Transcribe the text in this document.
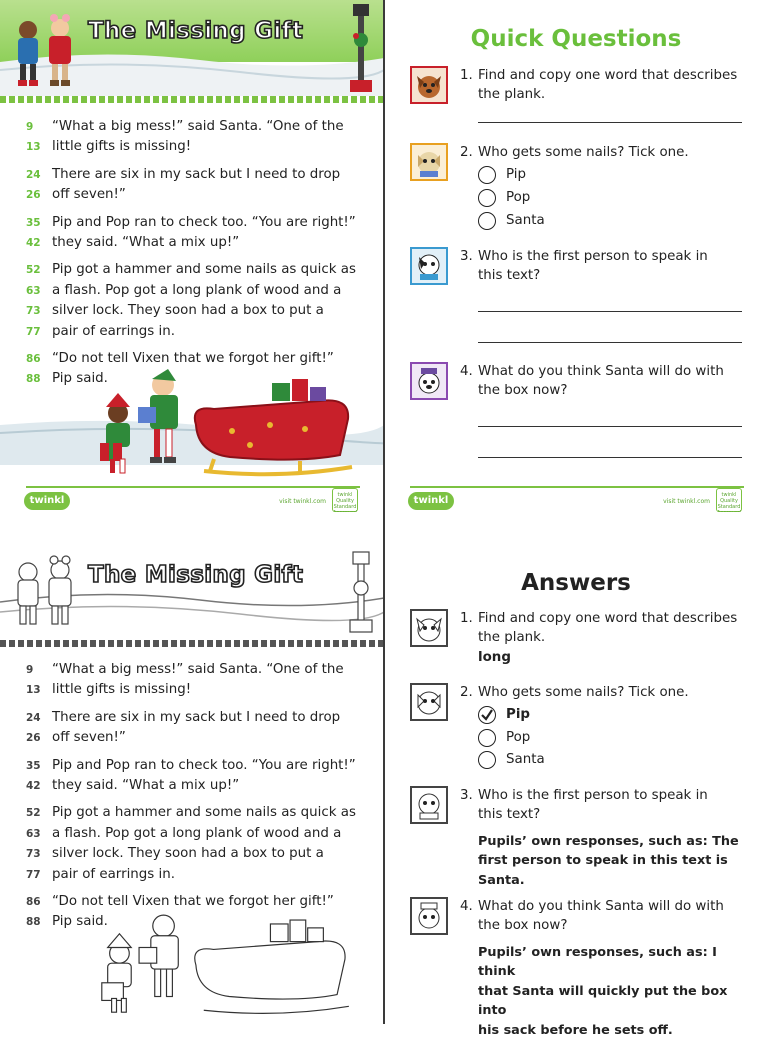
The Missing Gift
9	“What a big mess!” said Santa. “One of the
13 little gifts is missing!
24 There are six in my sack but I need to drop
26 off seven!”
35 Pip and Pop ran to check too. “You are right!”
42 they said. “What a mix up!”
52 Pip got a hammer and some nails as quick as
63 a flash. Pop got a long plank of wood and a
73 silver lock. They soon had a box to put a
77 pair of earrings in.
86 “Do not tell Vixen that we forgot her gift!”
88 Pip said.
twinkl	visit twinkl.com
twinkl Quality Standard
Quick Questions
1. Find and copy one word that describes
the plank.
2. Who gets some nails? Tick one.
Pip
Pop
Santa
3. Who is the first person to speak in
this text?
4. What do you think Santa will do with
the box now?
twinkl	visit twinkl.com
twinkl Quality Standard
The Missing Gift
9	“What a big mess!” said Santa. “One of the
13 little gifts is missing!
24 There are six in my sack but I need to drop
26 off seven!”
35 Pip and Pop ran to check too. “You are right!”
42 they said. “What a mix up!”
52 Pip got a hammer and some nails as quick as
63 a flash. Pop got a long plank of wood and a
73 silver lock. They soon had a box to put a
77 pair of earrings in.
86 “Do not tell Vixen that we forgot her gift!”
88 Pip said.
Answers
1. Find and copy one word that describes
the plank.
long
2. Who gets some nails? Tick one.
Pip
Pop
Santa
3. Who is the first person to speak in
this text?
Pupils’ own responses, such as: The
first person to speak in this text is
Santa.
4. What do you think Santa will do with
the box now?
Pupils’ own responses, such as: I think
that Santa will quickly put the box into
his sack before he sets off.
